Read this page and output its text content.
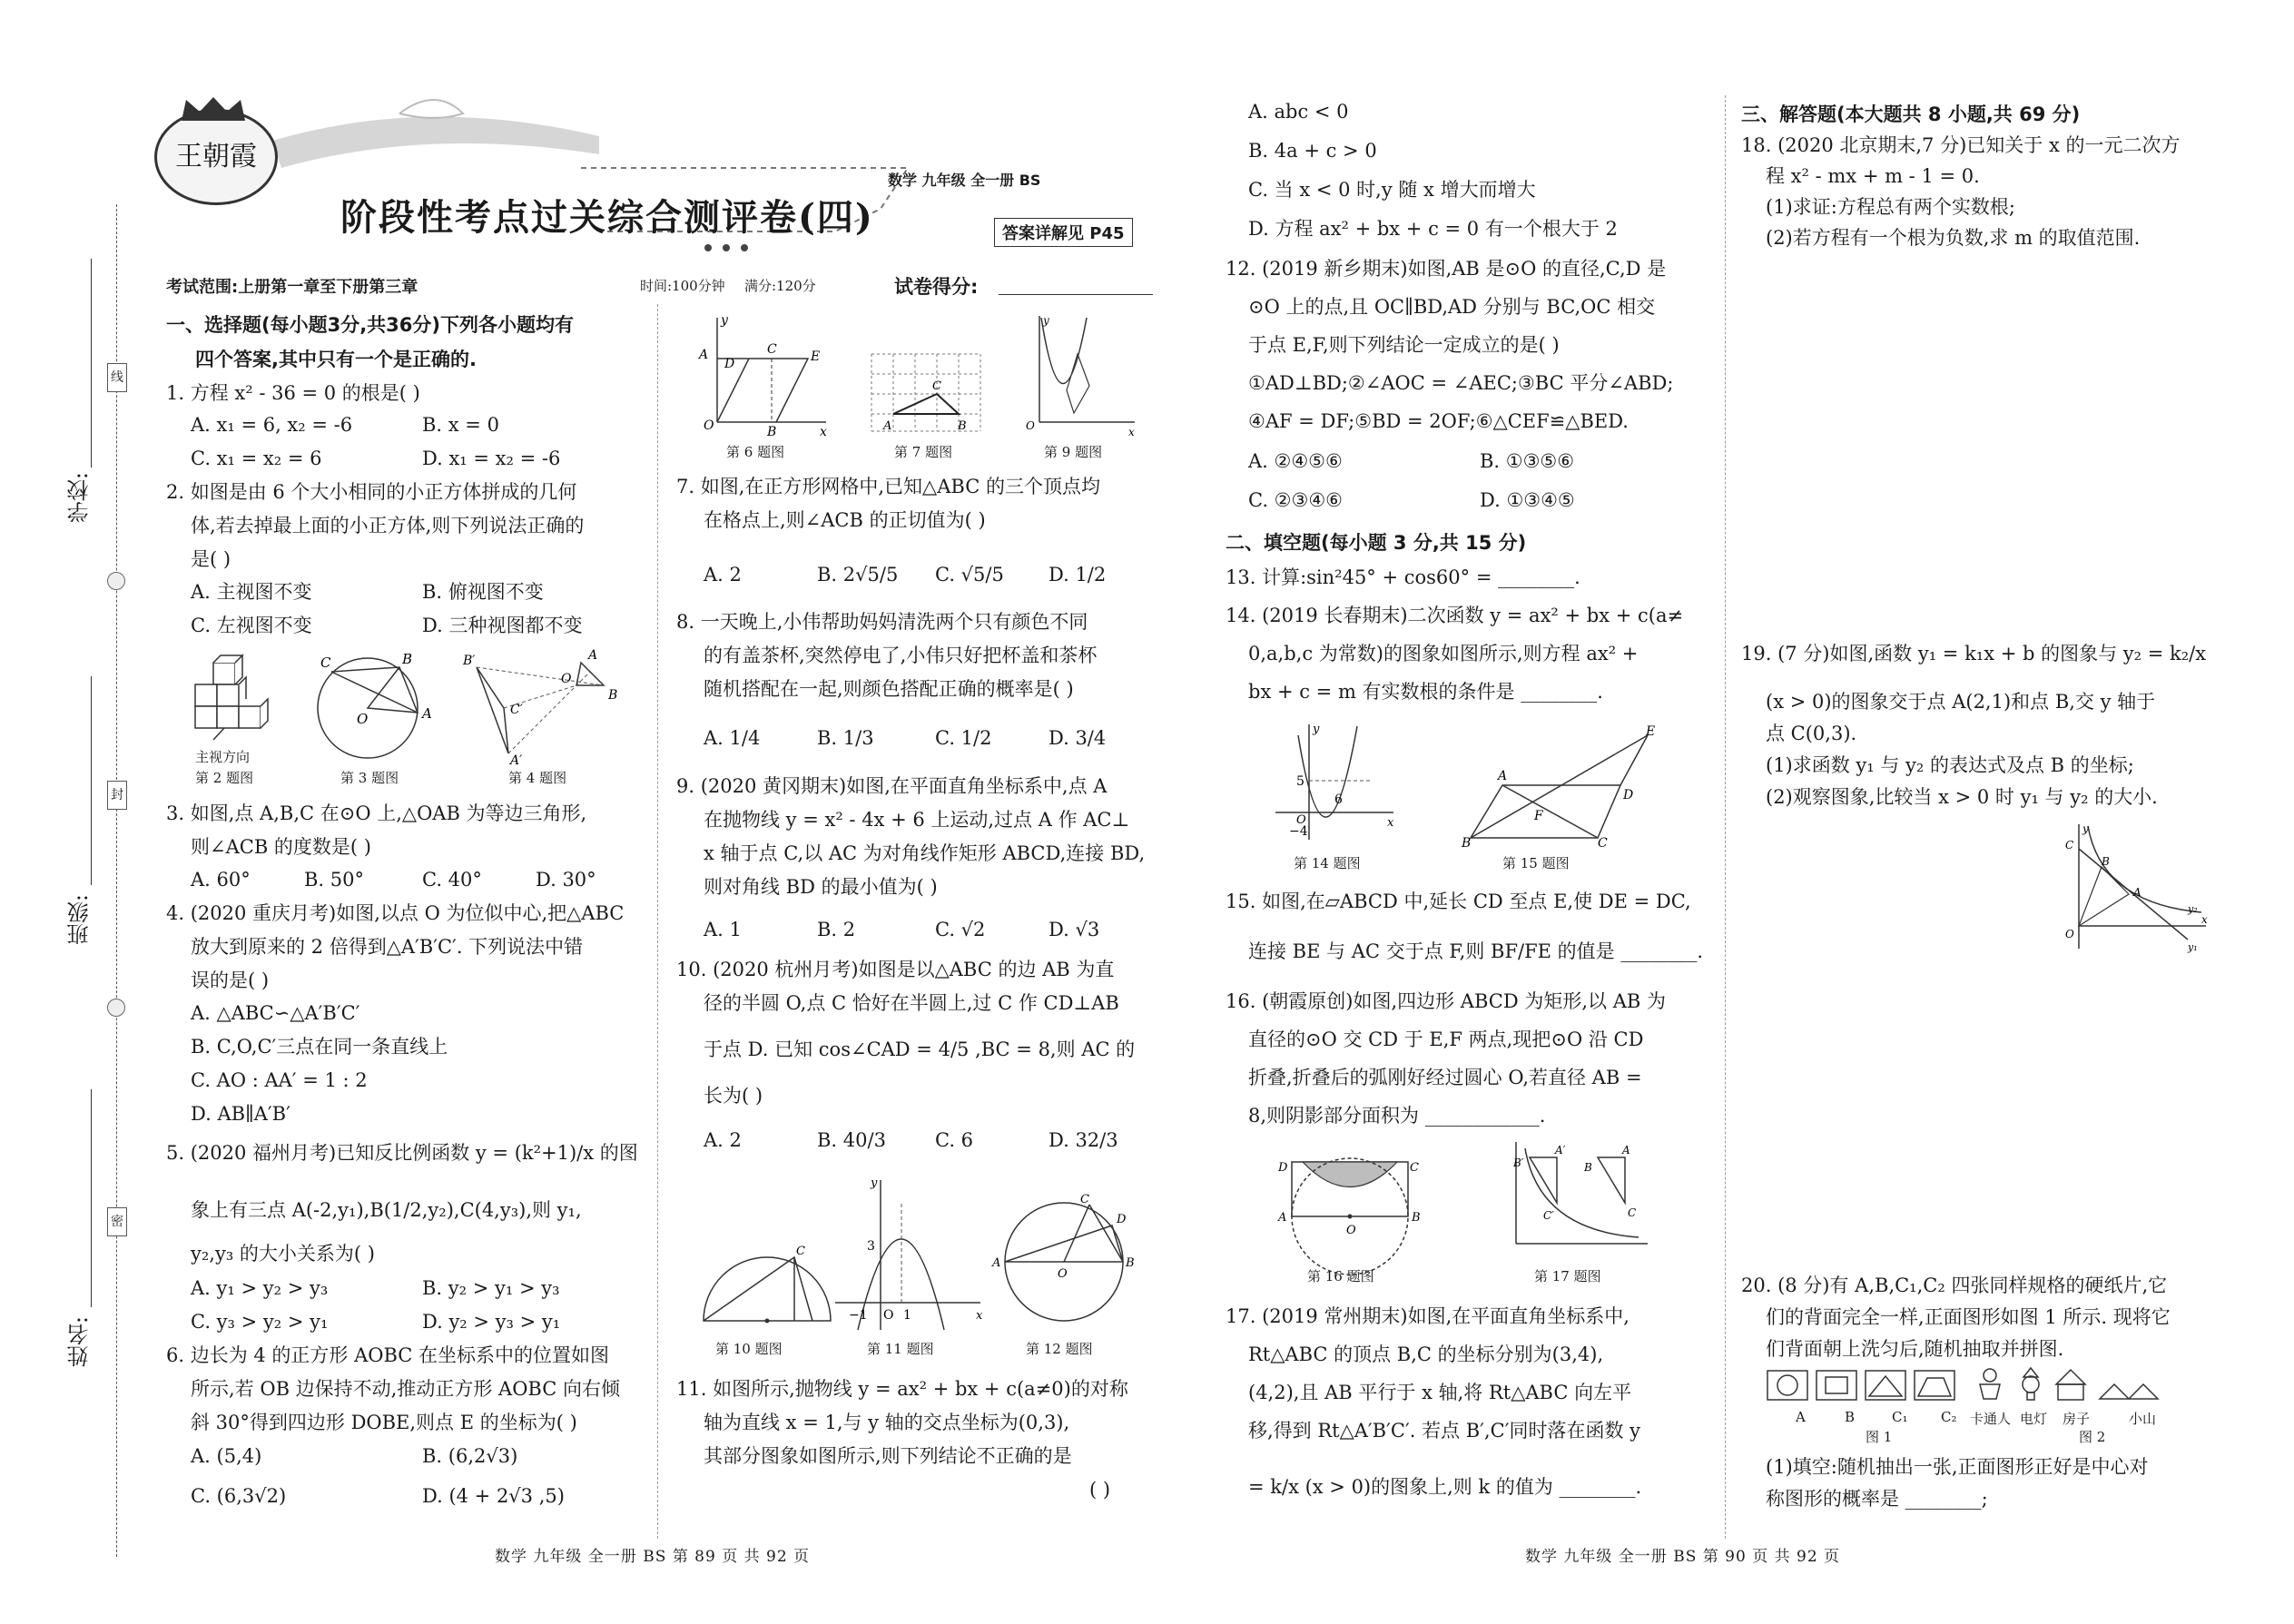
线
封
密
学校:
班级:
姓名:
王朝霞
阶段性考点过关综合测评卷(四)
数学 九年级 全一册 BS
答案详解见 P45
考试范围:上册第一章至下册第三章	时间:100分钟 满分:120分	试卷得分:
一、选择题(每小题3分,共36分)下列各小题均有
四个答案,其中只有一个是正确的.
1. 方程 x² - 36 = 0 的根是( )
A. x₁ = 6, x₂ = -6	B. x = 0
C. x₁ = x₂ = 6	D. x₁ = x₂ = -6
2. 如图是由 6 个大小相同的小正方体拼成的几何
体,若去掉最上面的小正方体,则下列说法正确的
是( )
A. 主视图不变	B. 俯视图不变
C. 左视图不变	D. 三种视图都不变
主视方向
第 2 题图
C	B
A
O
第 3 题图
B′	A
O
B
C′
A′
第 4 题图
3. 如图,点 A,B,C 在⊙O 上,△OAB 为等边三角形,
则∠ACB 的度数是( )
A. 60°	B. 50°	C. 40°	D. 30°
4. (2020 重庆月考)如图,以点 O 为位似中心,把△ABC
放大到原来的 2 倍得到△A′B′C′. 下列说法中错
误的是( )
A. △ABC∽△A′B′C′
B. C,O,C′三点在同一条直线上
C. AO : AA′ = 1 : 2
D. AB∥A′B′
5. (2020 福州月考)已知反比例函数 y = (k²+1)/x 的图
象上有三点 A(-2,y₁),B(1/2,y₂),C(4,y₃),则 y₁,
y₂,y₃ 的大小关系为( )
A. y₁ > y₂ > y₃	B. y₂ > y₁ > y₃
C. y₃ > y₂ > y₁	D. y₂ > y₃ > y₁
6. 边长为 4 的正方形 AOBC 在坐标系中的位置如图
所示,若 OB 边保持不动,推动正方形 AOBC 向右倾
斜 30°得到四边形 DOBE,则点 E 的坐标为( )
A. (5,4)	B. (6,2√3)
C. (6,3√2)	D. (4 + 2√3 ,5)
A
D
C	E
O	B	x
y
第 6 题图
A
C
B
第 7 题图
O	x
y
第 9 题图
7. 如图,在正方形网格中,已知△ABC 的三个顶点均
在格点上,则∠ACB 的正切值为( )
A. 2	B. 2√5/5 C. √5/5 D. 1/2
8. 一天晚上,小伟帮助妈妈清洗两个只有颜色不同
的有盖茶杯,突然停电了,小伟只好把杯盖和茶杯
随机搭配在一起,则颜色搭配正确的概率是( )
A. 1/4	B. 1/3	C. 1/2	D. 3/4
9. (2020 黄冈期末)如图,在平面直角坐标系中,点 A
在抛物线 y = x² - 4x + 6 上运动,过点 A 作 AC⊥
x 轴于点 C,以 AC 为对角线作矩形 ABCD,连接 BD,
则对角线 BD 的最小值为( )
A. 1	B. 2	C. √2	D. √3
10. (2020 杭州月考)如图是以△ABC 的边 AB 为直
径的半圆 O,点 C 恰好在半圆上,过 C 作 CD⊥AB
于点 D. 已知 cos∠CAD = 4/5 ,BC = 8,则 AC 的
长为( )
A. 2	B. 40/3	C. 6	D. 32/3
C
第 10 题图
3
−1 O 1	x
y
第 11 题图
C
D
A	B
O
第 12 题图
11. 如图所示,抛物线 y = ax² + bx + c(a≠0)的对称
轴为直线 x = 1,与 y 轴的交点坐标为(0,3),
其部分图象如图所示,则下列结论不正确的是
( )
A. abc < 0
B. 4a + c > 0
C. 当 x < 0 时,y 随 x 增大而增大
D. 方程 ax² + bx + c = 0 有一个根大于 2
12. (2019 新乡期末)如图,AB 是⊙O 的直径,C,D 是
⊙O 上的点,且 OC∥BD,AD 分别与 BC,OC 相交
于点 E,F,则下列结论一定成立的是( )
①AD⊥BD;②∠AOC = ∠AEC;③BC 平分∠ABD;
④AF = DF;⑤BD = 2OF;⑥△CEF≌△BED.
A. ②④⑤⑥	B. ①③⑤⑥
C. ②③④⑥	D. ①③④⑤
二、填空题(每小题 3 分,共 15 分)
13. 计算:sin²45° + cos60° = ________.
14. (2019 长春期末)二次函数 y = ax² + bx + c(a≠
0,a,b,c 为常数)的图象如图所示,则方程 ax² +
bx + c = m 有实数根的条件是 ________.
5
6
O
−4
x
y
第 14 题图
A
D
B	C
E
F
第 15 题图
15. 如图,在▱ABCD 中,延长 CD 至点 E,使 DE = DC,
连接 BE 与 AC 交于点 F,则 BF/FE 的值是 ________.
16. (朝霞原创)如图,四边形 ABCD 为矩形,以 AB 为
直径的⊙O 交 CD 于 E,F 两点,现把⊙O 沿 CD
折叠,折叠后的弧刚好经过圆心 O,若直径 AB =
8,则阴影部分面积为 ____________.
D	C
A	B
O
第 16 题图
A′	A
B′	B
C′	C
第 17 题图
17. (2019 常州期末)如图,在平面直角坐标系中,
Rt△ABC 的顶点 B,C 的坐标分别为(3,4),
(4,2),且 AB 平行于 x 轴,将 Rt△ABC 向左平
移,得到 Rt△A′B′C′. 若点 B′,C′同时落在函数 y
= k/x (x > 0)的图象上,则 k 的值为 ________.
三、解答题(本大题共 8 小题,共 69 分)
18. (2020 北京期末,7 分)已知关于 x 的一元二次方
程 x² - mx + m - 1 = 0.
(1)求证:方程总有两个实数根;
(2)若方程有一个根为负数,求 m 的取值范围.
19. (7 分)如图,函数 y₁ = k₁x + b 的图象与 y₂ = k₂/x
(x > 0)的图象交于点 A(2,1)和点 B,交 y 轴于
点 C(0,3).
(1)求函数 y₁ 与 y₂ 的表达式及点 B 的坐标;
(2)观察图象,比较当 x > 0 时 y₁ 与 y₂ 的大小.
C
B
A
O
x
y₂
y₁
y
20. (8 分)有 A,B,C₁,C₂ 四张同样规格的硬纸片,它
们的背面完全一样,正面图形如图 1 所示. 现将它
们背面朝上洗匀后,随机抽取并拼图.
A	B	C₁ C₂ 卡通人 电灯 房子	小山
图 1	图 2
(1)填空:随机抽出一张,正面图形正好是中心对
称图形的概率是 ________;
数学 九年级 全一册 BS 第 89 页 共 92 页	数学 九年级 全一册 BS 第 90 页 共 92 页
